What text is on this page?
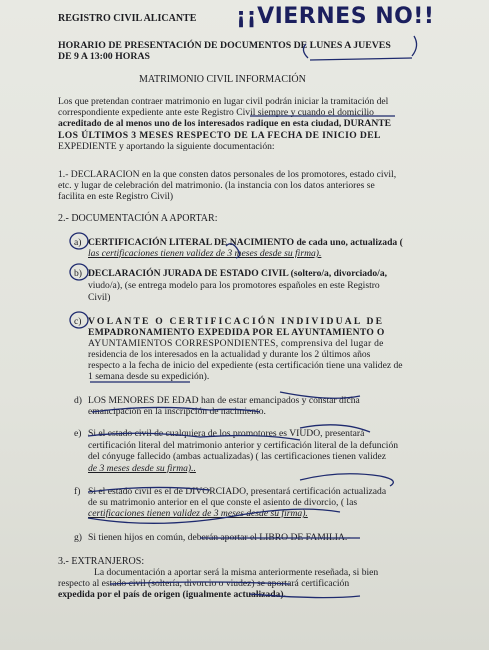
REGISTRO CIVIL ALICANTE ¡¡VIERNES NO!!
HORARIO DE PRESENTACIÓN DE DOCUMENTOS DE LUNES A JUEVES
DE 9 A 13:00 HORAS
MATRIMONIO CIVIL INFORMACIÓN
Los que pretendan contraer matrimonio en lugar civil podrán iniciar la tramitación del
correspondiente expediente ante este Registro Civil siempre y cuando el domicilio
acreditado de al menos uno de los interesados radique en esta ciudad, DURANTE
LOS ÚLTIMOS 3 MESES RESPECTO DE LA FECHA DE INICIO DEL
EXPEDIENTE y aportando la siguiente documentación:
1.- DECLARACION en la que consten datos personales de los promotores, estado civil,
etc. y lugar de celebración del matrimonio. (la instancia con los datos anteriores se
facilita en este Registro Civil)
2.- DOCUMENTACIÓN A APORTAR:
a) CERTIFICACIÓN LITERAL DE NACIMIENTO de cada uno, actualizada (
las certificaciones tienen validez de 3 meses desde su firma).
b) DECLARACIÓN JURADA DE ESTADO CIVIL (soltero/a, divorciado/a,
viudo/a), (se entrega modelo para los promotores españoles en este Registro
Civil)
c) VOLANTE O CERTIFICACIÓN INDIVIDUAL DE
EMPADRONAMIENTO EXPEDIDA POR EL AYUNTAMIENTO O
AYUNTAMIENTOS CORRESPONDIENTES, comprensiva del lugar de
residencia de los interesados en la actualidad y durante los 2 últimos años
respecto a la fecha de inicio del expediente (esta certificación tiene una validez de
1 semana desde su expedición).
d) LOS MENORES DE EDAD han de estar emancipados y constar dicha
emancipación en la inscripción de nacimiento.
e) Si el estado civil de cualquiera de los promotores es VIUDO, presentará
certificación literal del matrimonio anterior y certificación literal de la defunción
del cónyuge fallecido (ambas actualizadas) ( las certificaciones tienen validez
de 3 meses desde su firma)..
f) Si el estado civil es el de DIVORCIADO, presentará certificación actualizada
de su matrimonio anterior en el que conste el asiento de divorcio, ( las
certificaciones tienen validez de 3 meses desde su firma).
g) Si tienen hijos en común, deberán aportar el LIBRO DE FAMILIA.-
3.- EXTRANJEROS:
La documentación a aportar será la misma anteriormente reseñada, si bien
respecto al estado civil (soltería, divorcio o viudez) se aportará certificación
expedida por el país de origen (igualmente actualizada).
